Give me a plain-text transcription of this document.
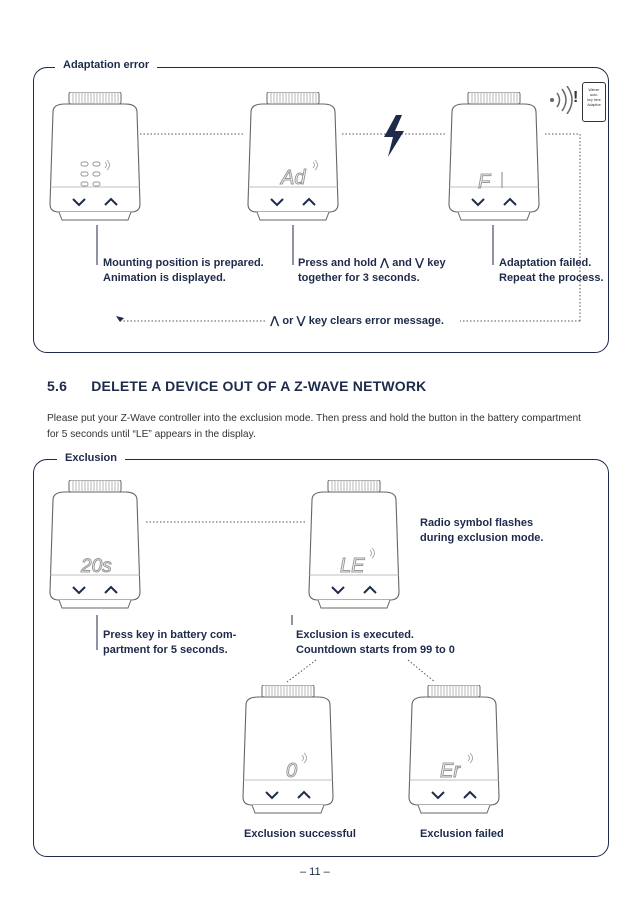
Adaptation error
!	Wiener
auto-
key here
Adaptive
Ad	F
Mounting position is prepared.
Animation is displayed.
Press and hold ⋀ and ⋁ key
together for 3 seconds.
Adaptation failed.
Repeat the process.
⋀ or ⋁ key clears error message.
5.6 DELETE A DEVICE OUT OF A Z-WAVE NETWORK
Please put your Z-Wave controller into the exclusion mode. Then press and hold the button in the battery compartment
for 5 seconds until “LE” appears in the display.
Exclusion
20s	LE
0	Er
Radio symbol flashes
during exclusion mode.
Press key in battery com-
partment for 5 seconds.
Exclusion is executed.
Countdown starts from 99 to 0
Exclusion successful	Exclusion failed
– 11 –
